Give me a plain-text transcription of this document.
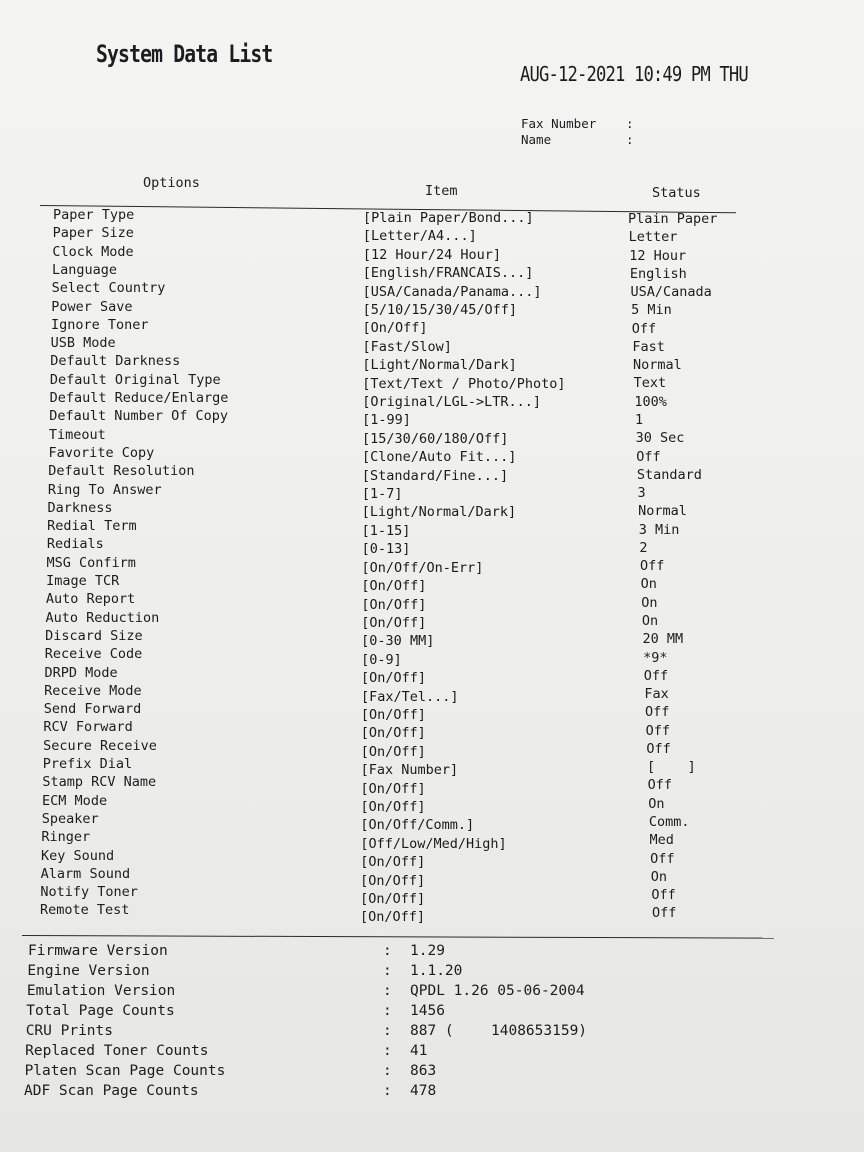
System Data List
AUG-12-2021 10:49 PM THU
Fax Number :
Name	:
Options	Item	Status
Paper Type	[Plain Paper/Bond...]	Plain Paper
Paper Size	[Letter/A4...]	Letter
Clock Mode	[12 Hour/24 Hour]	12 Hour
Language	[English/FRANCAIS...]	English
Select Country	[USA/Canada/Panama...]	USA/Canada
Power Save	[5/10/15/30/45/Off]	5 Min
Ignore Toner	[On/Off]	Off
USB Mode	[Fast/Slow]	Fast
Default Darkness	[Light/Normal/Dark]	Normal
Default Original Type	[Text/Text / Photo/Photo]	Text
Default Reduce/Enlarge	[Original/LGL->LTR...]	100%
Default Number Of Copy	[1-99]	1
Timeout	[15/30/60/180/Off]	30 Sec
Favorite Copy	[Clone/Auto Fit...]	Off
Default Resolution	[Standard/Fine...]	Standard
Ring To Answer	[1-7]	3
Darkness	[Light/Normal/Dark]	Normal
Redial Term	[1-15]	3 Min
Redials	[0-13]	2
MSG Confirm	[On/Off/On-Err]	Off
Image TCR	[On/Off]	On
Auto Report	[On/Off]	On
Auto Reduction	[On/Off]	On
Discard Size	[0-30 MM]	20 MM
Receive Code	[0-9]	*9*
DRPD Mode	[On/Off]	Off
Receive Mode	[Fax/Tel...]	Fax
Send Forward	[On/Off]	Off
RCV Forward	[On/Off]	Off
Secure Receive	[On/Off]	Off
Prefix Dial	[Fax Number]	[    ]
Stamp RCV Name	[On/Off]	Off
ECM Mode	[On/Off]	On
Speaker	[On/Off/Comm.]	Comm.
Ringer	[Off/Low/Med/High]	Med
Key Sound	[On/Off]	Off
Alarm Sound	[On/Off]	On
Notify Toner	[On/Off]	Off
Remote Test	[On/Off]	Off
Firmware Version	: 1.29
Engine Version	: 1.1.20
Emulation Version	: QPDL 1.26 05-06-2004
Total Page Counts	: 1456
CRU Prints	: 887 (	1408653159)
Replaced Toner Counts	: 41
Platen Scan Page Counts	: 863
ADF Scan Page Counts	: 478
